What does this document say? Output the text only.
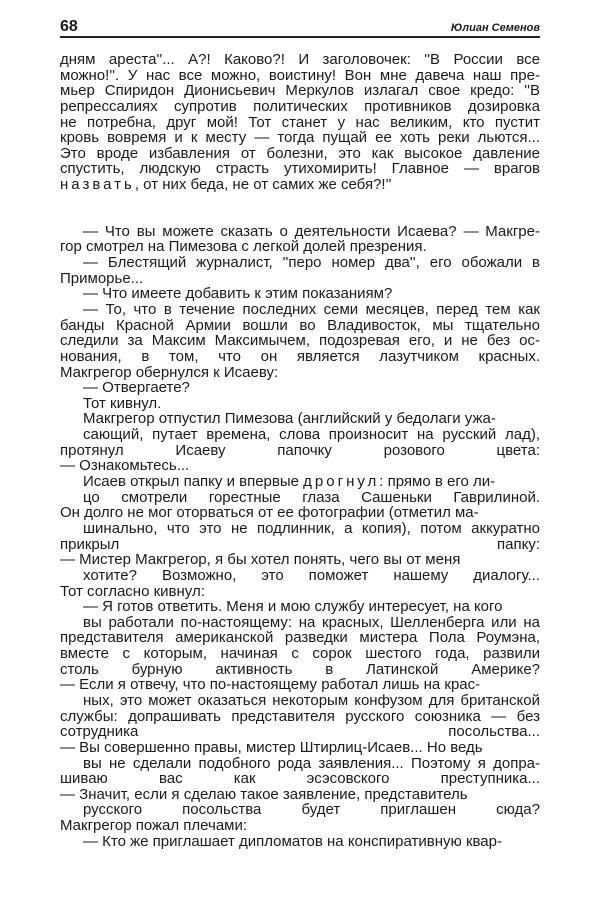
68	Юлиан Семенов
дням ареста''... А?! Каково?! И заголовочек: ''В России все
можно!''. У нас все можно, воистину! Вон мне давеча наш пре-
мьер Спиридон Дионисьевич Меркулов излагал свое кредо: ''В
репрессалиях супротив политических противников дозировка
не потребна, друг мой! Тот станет у нас великим, кто пустит
кровь вовремя и к месту — тогда пущай ее хоть реки льются...
Это вроде избавления от болезни, это как высокое давление
спустить, людскую страсть утихомирить! Главное — врагов
назвать, от них беда, не от самих же себя?!''
— Что вы можете сказать о деятельности Исаева? — Макгре-
гор смотрел на Пимезова с легкой долей презрения.
— Блестящий журналист, ''перо номер два'', его обожали в
Приморье...
— Что имеете добавить к этим показаниям?
— То, что в течение последних семи месяцев, перед тем как
банды Красной Армии вошли во Владивосток, мы тщательно
следили за Максим Максимычем, подозревая его, и не без ос-
нования, в том, что он является лазутчиком красных.
Макгрегор обернулся к Исаеву:
— Отвергаете?
Тот кивнул.
Макгрегор отпустил Пимезова (английский у бедолаги ужа-
сающий, путает времена, слова произносит на русский лад),
протянул Исаеву папочку розового цвета:
— Ознакомьтесь...
Исаев открыл папку и впервые дрогнул: прямо в его ли-
цо смотрели горестные глаза Сашеньки Гаврилиной.
Он долго не мог оторваться от ее фотографии (отметил ма-
шинально, что это не подлинник, а копия), потом аккуратно
прикрыл папку:
— Мистер Макгрегор, я бы хотел понять, чего вы от меня
хотите? Возможно, это поможет нашему диалогу...
Тот согласно кивнул:
— Я готов ответить. Меня и мою службу интересует, на кого
вы работали по-настоящему: на красных, Шелленберга или на
представителя американской разведки мистера Пола Роумэна,
вместе с которым, начиная с сорок шестого года, развили
столь бурную активность в Латинской Америке?
— Если я отвечу, что по-настоящему работал лишь на крас-
ных, это может оказаться некоторым конфузом для британской
службы: допрашивать представителя русского союзника — без
сотрудника посольства...
— Вы совершенно правы, мистер Штирлиц-Исаев... Но ведь
вы не сделали подобного рода заявления... Поэтому я допра-
шиваю вас как эсэсовского преступника...
— Значит, если я сделаю такое заявление, представитель
русского посольства будет приглашен сюда?
Макгрегор пожал плечами:
— Кто же приглашает дипломатов на конспиративную квар-
